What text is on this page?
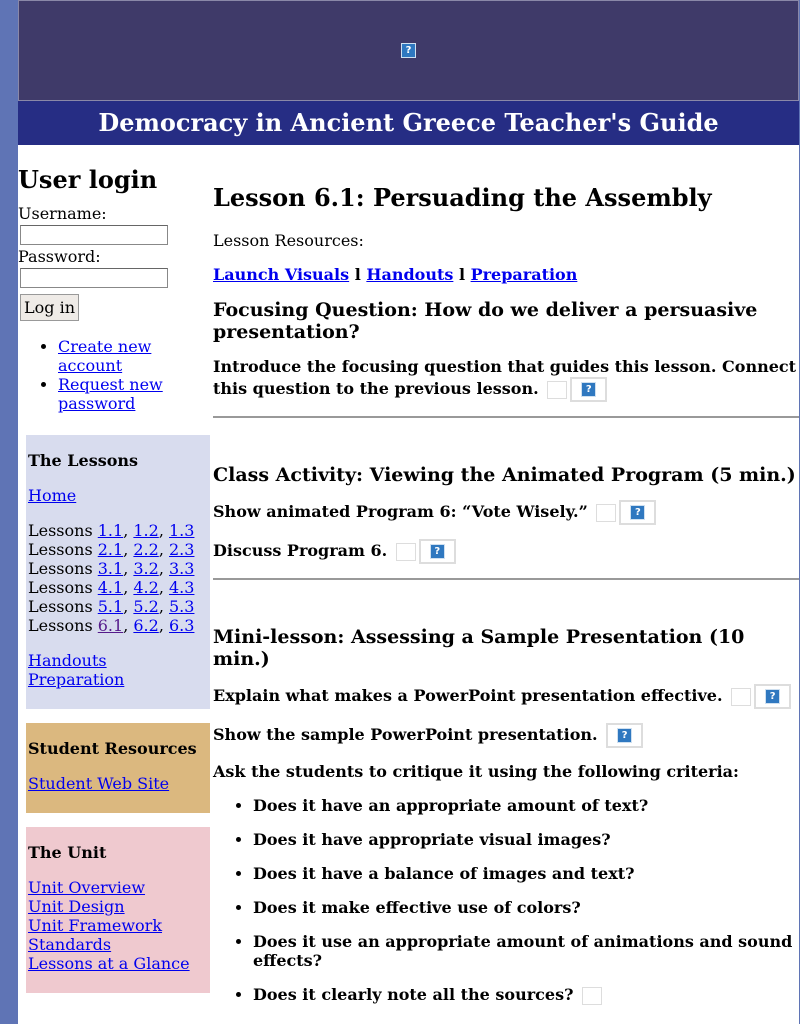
?
Democracy in Ancient Greece Teacher's Guide
User login
Username:
Password:
Log in
• Create new account
• Request new password
The Lessons

Home

Lessons 1.1, 1.2, 1.3
Lessons 2.1, 2.2, 2.3
Lessons 3.1, 3.2, 3.3
Lessons 4.1, 4.2, 4.3
Lessons 5.1, 5.2, 5.3
Lessons 6.1, 6.2, 6.3

Handouts
Preparation

Student Resources

Student Web Site

The Unit

Unit Overview
Unit Design
Unit Framework
Standards
Lessons at a Glance

Lesson 6.1: Persuading the Assembly

Lesson Resources:

Launch Visuals l Handouts l Preparation

Focusing Question: How do we deliver a persuasive presentation?

Introduce the focusing question that guides this lesson. Connect this question to the previous lesson.	?

Class Activity: Viewing the Animated Program (5 min.)

Show animated Program 6: “Vote Wisely.”	?

Discuss Program 6.	?

Mini-lesson: Assessing a Sample Presentation (10 min.)

Explain what makes a PowerPoint presentation effective.	?

Show the sample PowerPoint presentation. ?

Ask the students to critique it using the following criteria:

• Does it have an appropriate amount of text?
• Does it have appropriate visual images?
• Does it have a balance of images and text?
• Does it make effective use of colors?
• Does it use an appropriate amount of animations and sound effects?
• Does it clearly note all the sources?
